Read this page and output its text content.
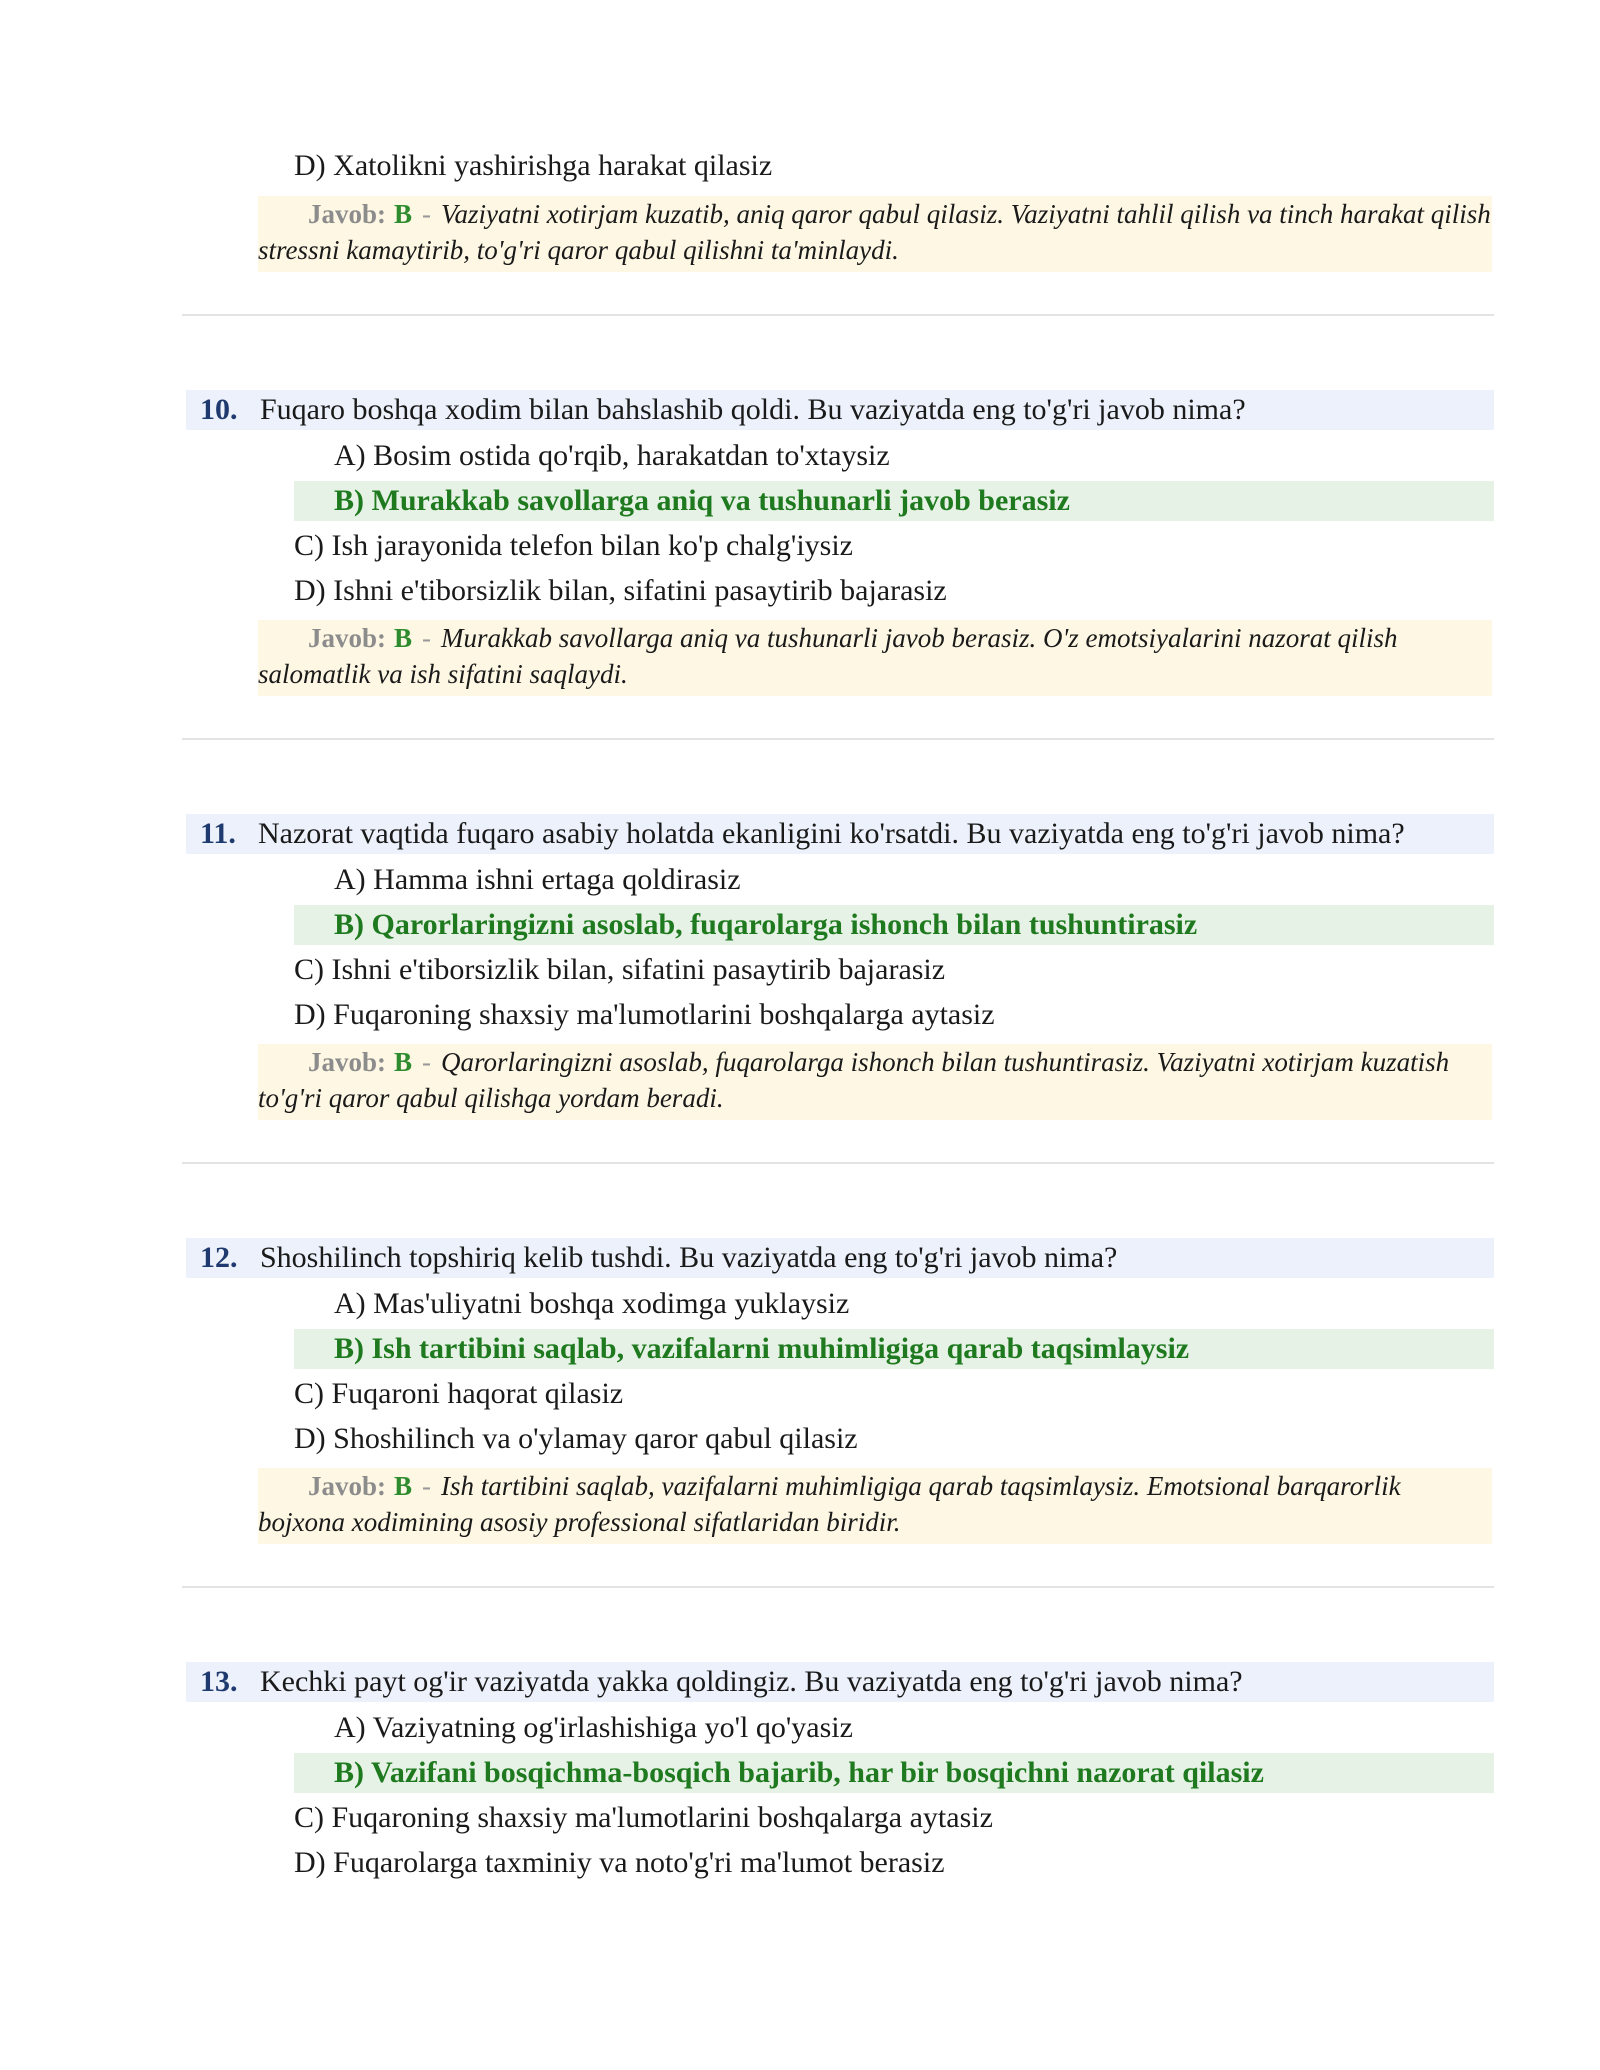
D) Xatolikni yashirishga harakat qilasiz
Javob: B - Vaziyatni xotirjam kuzatib, aniq qaror qabul qilasiz. Vaziyatni tahlil qilish va tinch harakat qilish stressni kamaytirib, to'g'ri qaror qabul qilishni ta'minlaydi.
10. Fuqaro boshqa xodim bilan bahslashib qoldi. Bu vaziyatda eng to'g'ri javob nima?
A) Bosim ostida qo'rqib, harakatdan to'xtaysiz
B) Murakkab savollarga aniq va tushunarli javob berasiz
C) Ish jarayonida telefon bilan ko'p chalg'iysiz
D) Ishni e'tiborsizlik bilan, sifatini pasaytirib bajarasiz
Javob: B - Murakkab savollarga aniq va tushunarli javob berasiz. O'z emotsiyalarini nazorat qilish salomatlik va ish sifatini saqlaydi.
11. Nazorat vaqtida fuqaro asabiy holatda ekanligini ko'rsatdi. Bu vaziyatda eng to'g'ri javob nima?
A) Hamma ishni ertaga qoldirasiz
B) Qarorlaringizni asoslab, fuqarolarga ishonch bilan tushuntirasiz
C) Ishni e'tiborsizlik bilan, sifatini pasaytirib bajarasiz
D) Fuqaroning shaxsiy ma'lumotlarini boshqalarga aytasiz
Javob: B - Qarorlaringizni asoslab, fuqarolarga ishonch bilan tushuntirasiz. Vaziyatni xotirjam kuzatish to'g'ri qaror qabul qilishga yordam beradi.
12. Shoshilinch topshiriq kelib tushdi. Bu vaziyatda eng to'g'ri javob nima?
A) Mas'uliyatni boshqa xodimga yuklaysiz
B) Ish tartibini saqlab, vazifalarni muhimligiga qarab taqsimlaysiz
C) Fuqaroni haqorat qilasiz
D) Shoshilinch va o'ylamay qaror qabul qilasiz
Javob: B - Ish tartibini saqlab, vazifalarni muhimligiga qarab taqsimlaysiz. Emotsional barqarorlik bojxona xodimining asosiy professional sifatlaridan biridir.
13. Kechki payt og'ir vaziyatda yakka qoldingiz. Bu vaziyatda eng to'g'ri javob nima?
A) Vaziyatning og'irlashishiga yo'l qo'yasiz
B) Vazifani bosqichma-bosqich bajarib, har bir bosqichni nazorat qilasiz
C) Fuqaroning shaxsiy ma'lumotlarini boshqalarga aytasiz
D) Fuqarolarga taxminiy va noto'g'ri ma'lumot berasiz
